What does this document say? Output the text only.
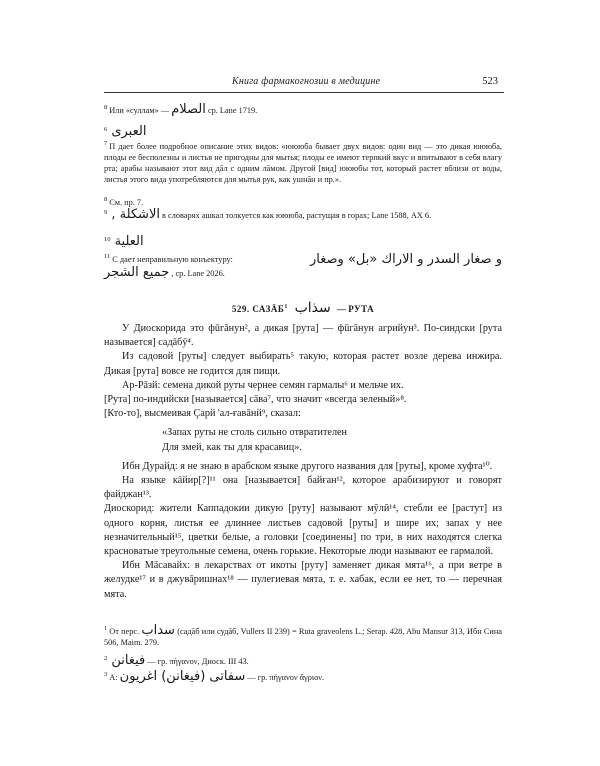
Книга фармакогнозии в медицине	523
$^8$ Или «суллам» — الصلام ср. Lane 1719.
$^6$ العبرى
$^7$ П дает более подробное описание этих видов: «юююба бывает двух видов: один вид — это дикая юююба, плоды ее бесполезны и листья не пригодны для мытья; плоды ее имеют терпкий вкус и впитывают в себя влагу рта; арабы называют этот вид дāл с одним лāмом. Другой [вид] юююбы тот, который растет вблизи от воды, листья этого вида употребляются для мытья рук, как ушнāн и пр.».
$^8$ См. пр. 7.
$^9$ الاشكلة , в словарях ашкал толкуется как юююба, растущая в горах; Lane 1588, АХ 6.
$^{10}$ العلية
$^{11}$ С дает неправильную конъектуру:	و صغار السدر و الاراك «بل» وصغار

جميع الشجر , ср. Lane 2026.
529. САЗĀБ$^1$ سذاب — РУТА

У Диоскорида это фūгāнун², а дикая [рута] — фūгāнун агрийун³. По-синдски [рута называется] садāбӯ⁴.

Из садовой [руты] следует выбирать⁵ такую, которая растет возле дерева инжира. Дикая [рута] вовсе не годится для пищи.

Ар-Рāзй: семена дикой руты чернее семян гармалы⁶ и мельче их.

[Рута] по-индийски [называется] сāва⁷, что значит «всегда зеленый»⁸.

[Кто-то], высмеивая Çарй 'ал-ғавāнй⁹, сказал:

«Запах руты не столь сильно отвратителен

Для змей, как ты для красавиц».

Ибн Дурайд: я не знаю в арабском языке другого названия для [руты], кроме хуфта¹⁰.

На языке кāйир[?]¹¹ она [называется] байған¹², которое арабизируют и говорят файджан¹³.

Диоскорид: жители Каппадокии дикую [руту] называют мӯлӣ¹⁴, стебли ее [растут] из одного корня, листья ее длиннее листьев садовой [руты] и шире их; запах у нее незначительный¹⁵, цветки белые, а головки [соединены] по три, в них находятся слегка красноватые треугольные семена, очень горькие. Некоторые люди называют ее гармалой.

Ибн Мāсавайх: в лекарствах от икоты [руту] заменяет дикая мята¹⁶, а при ветре в желудке¹⁷ и в джувāришнах¹⁸ — пулегиевая мята, т. е. хабак, если ее нет, то — перечная мята.

$^1$ От перс. سداب (садāб или судāб, Vullers II 239) = Ruta graveolens L.; Serap. 428, Abu Mansur 313, Ибн Сина 506, Maim. 279.
$^2$ فيغانن — гр. πήγανον, Диоск. III 43.
$^3$ А: سفاتى (فيغانن) اغريون — гр. πήγανον ἄγριον.
